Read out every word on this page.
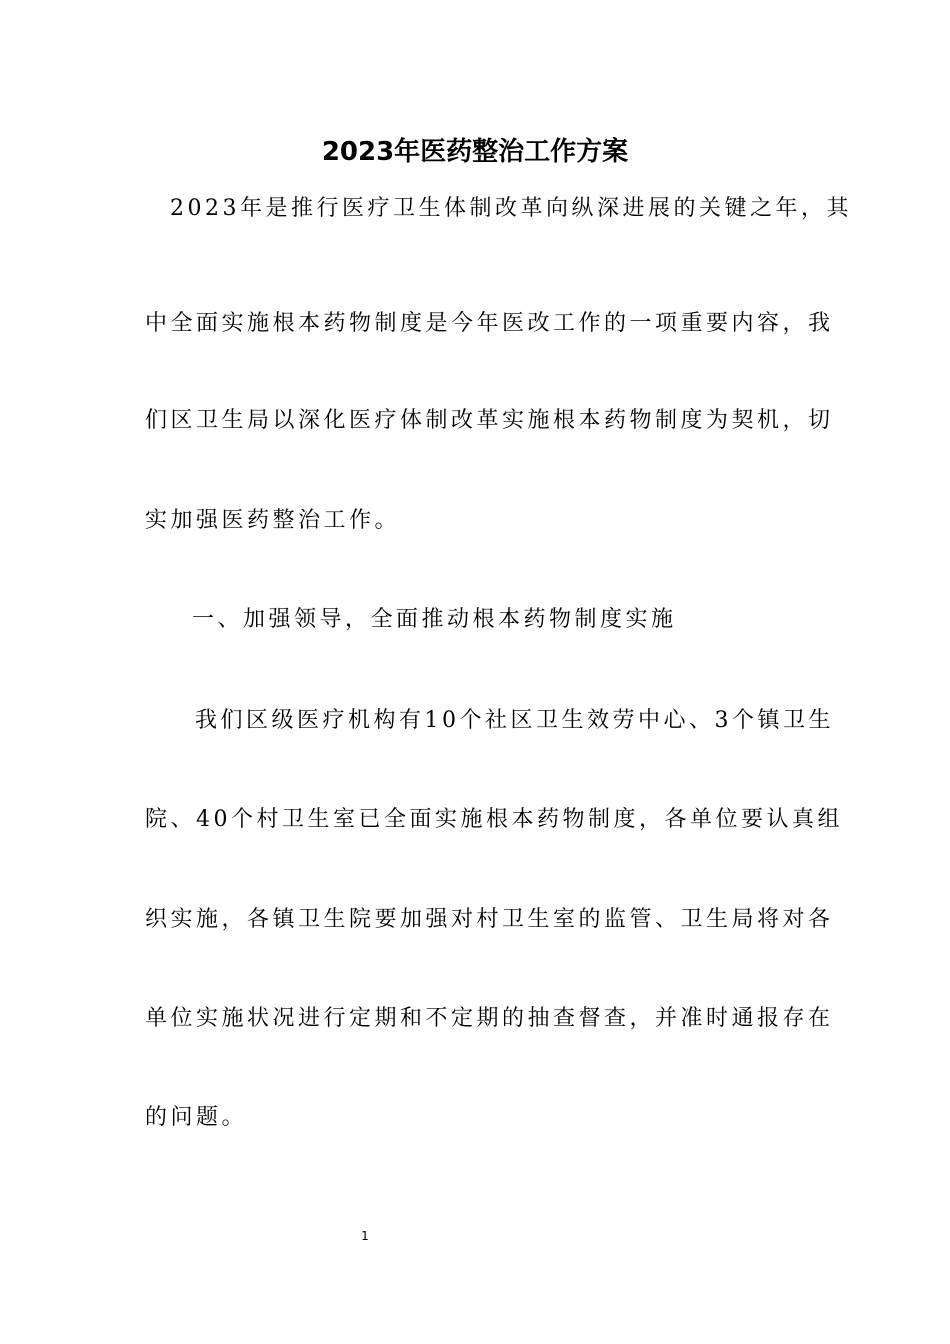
2023年医药整治工作方案
2023年是推行医疗卫生体制改革向纵深进展的关键之年，其
中全面实施根本药物制度是今年医改工作的一项重要内容，我
们区卫生局以深化医疗体制改革实施根本药物制度为契机，切
实加强医药整治工作。
一、加强领导，全面推动根本药物制度实施
我们区级医疗机构有10个社区卫生效劳中心、3个镇卫生
院、40个村卫生室已全面实施根本药物制度，各单位要认真组
织实施，各镇卫生院要加强对村卫生室的监管、卫生局将对各
单位实施状况进行定期和不定期的抽查督查，并准时通报存在
的问题。
1
